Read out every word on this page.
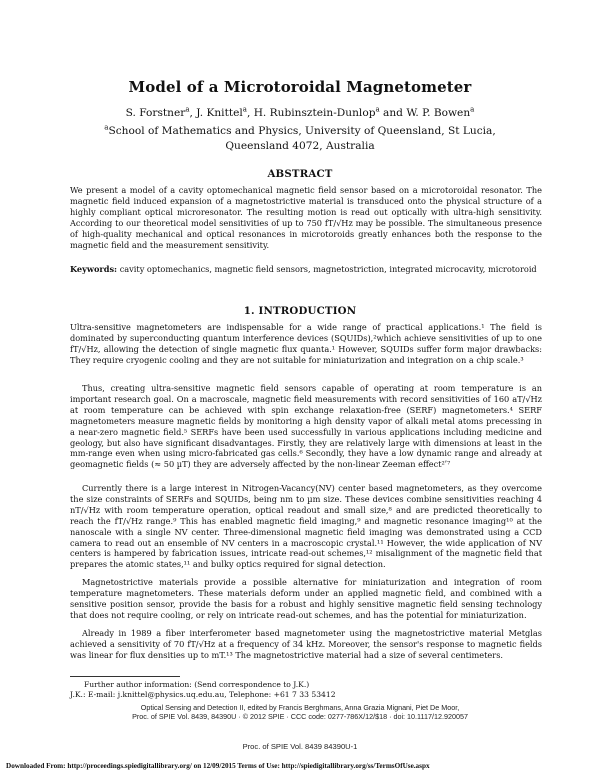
Model of a Microtoroidal Magnetometer
S. Forstner$^a$, J. Knittel$^a$, H. Rubinsztein-Dunlop$^a$ and W. P. Bowen$^a$
$^a$School of Mathematics and Physics, University of Queensland, St Lucia, Queensland 4072, Australia
ABSTRACT

We present a model of a cavity optomechanical magnetic field sensor based on a microtoroidal resonator. The magnetic field induced expansion of a magnetostrictive material is transduced onto the physical structure of a highly compliant optical microresonator. The resulting motion is read out optically with ultra-high sensitivity. According to our theoretical model sensitivities of up to 750 fT/√Hz may be possible. The simultaneous presence of high-quality mechanical and optical resonances in microtoroids greatly enhances both the response to the magnetic field and the measurement sensitivity.

Keywords: cavity optomechanics, magnetic field sensors, magnetostriction, integrated microcavity, microtoroid
1. INTRODUCTION

Ultra-sensitive magnetometers are indispensable for a wide range of practical applications.¹ The field is dominated by superconducting quantum interference devices (SQUIDs),²which achieve sensitivities of up to one fT/√Hz, allowing the detection of single magnetic flux quanta.¹ However, SQUIDs suffer form major drawbacks: They require cryogenic cooling and they are not suitable for miniaturization and integration on a chip scale.³

Thus, creating ultra-sensitive magnetic field sensors capable of operating at room temperature is an important research goal. On a macroscale, magnetic field measurements with record sensitivities of 160 aT/√Hz at room temperature can be achieved with spin exchange relaxation-free (SERF) magnetometers.⁴ SERF magnetometers measure magnetic fields by monitoring a high density vapor of alkali metal atoms precessing in a near-zero magnetic field.⁵ SERFs have been used successfully in various applications including medicine and geology, but also have significant disadvantages. Firstly, they are relatively large with dimensions at least in the mm-range even when using micro-fabricated gas cells.⁶ Secondly, they have a low dynamic range and already at geomagnetic fields (≈ 50 µT) they are adversely affected by the non-linear Zeeman effect²ʹ⁷

Currently there is a large interest in Nitrogen-Vacancy(NV) center based magnetometers, as they overcome the size constraints of SERFs and SQUIDs, being nm to µm size. These devices combine sensitivities reaching 4 nT/√Hz with room temperature operation, optical readout and small size,⁸ and are predicted theoretically to reach the fT/√Hz range.⁹ This has enabled magnetic field imaging,⁹ and magnetic resonance imaging¹⁰ at the nanoscale with a single NV center. Three-dimensional magnetic field imaging was demonstrated using a CCD camera to read out an ensemble of NV centers in a macroscopic crystal.¹¹ However, the wide application of NV centers is hampered by fabrication issues, intricate read-out schemes,¹² misalignment of the magnetic field that prepares the atomic states,¹¹ and bulky optics required for signal detection.

Magnetostrictive materials provide a possible alternative for miniaturization and integration of room temperature magnetometers. These materials deform under an applied magnetic field, and combined with a sensitive position sensor, provide the basis for a robust and highly sensitive magnetic field sensing technology that does not require cooling, or rely on intricate read-out schemes, and has the potential for miniaturization.

Already in 1989 a fiber interferometer based magnetometer using the magnetostrictive material Metglas achieved a sensitivity of 70 fT/√Hz at a frequency of 34 kHz. Moreover, the sensor's response to magnetic fields was linear for flux densities up to mT.¹³ The magnetostrictive material had a size of several centimeters.

Further author information: (Send correspondence to J.K.)
J.K.: E-mail: j.knittel@physics.uq.edu.au, Telephone: +61 7 33 53412
Optical Sensing and Detection II, edited by Francis Berghmans, Anna Grazia Mignani, Piet De Moor,
Proc. of SPIE Vol. 8439, 84390U · © 2012 SPIE · CCC code: 0277-786X/12/$18 · doi: 10.1117/12.920057
Proc. of SPIE Vol. 8439 84390U-1
Downloaded From: http://proceedings.spiedigitallibrary.org/ on 12/09/2015 Terms of Use: http://spiedigitallibrary.org/ss/TermsOfUse.aspx
